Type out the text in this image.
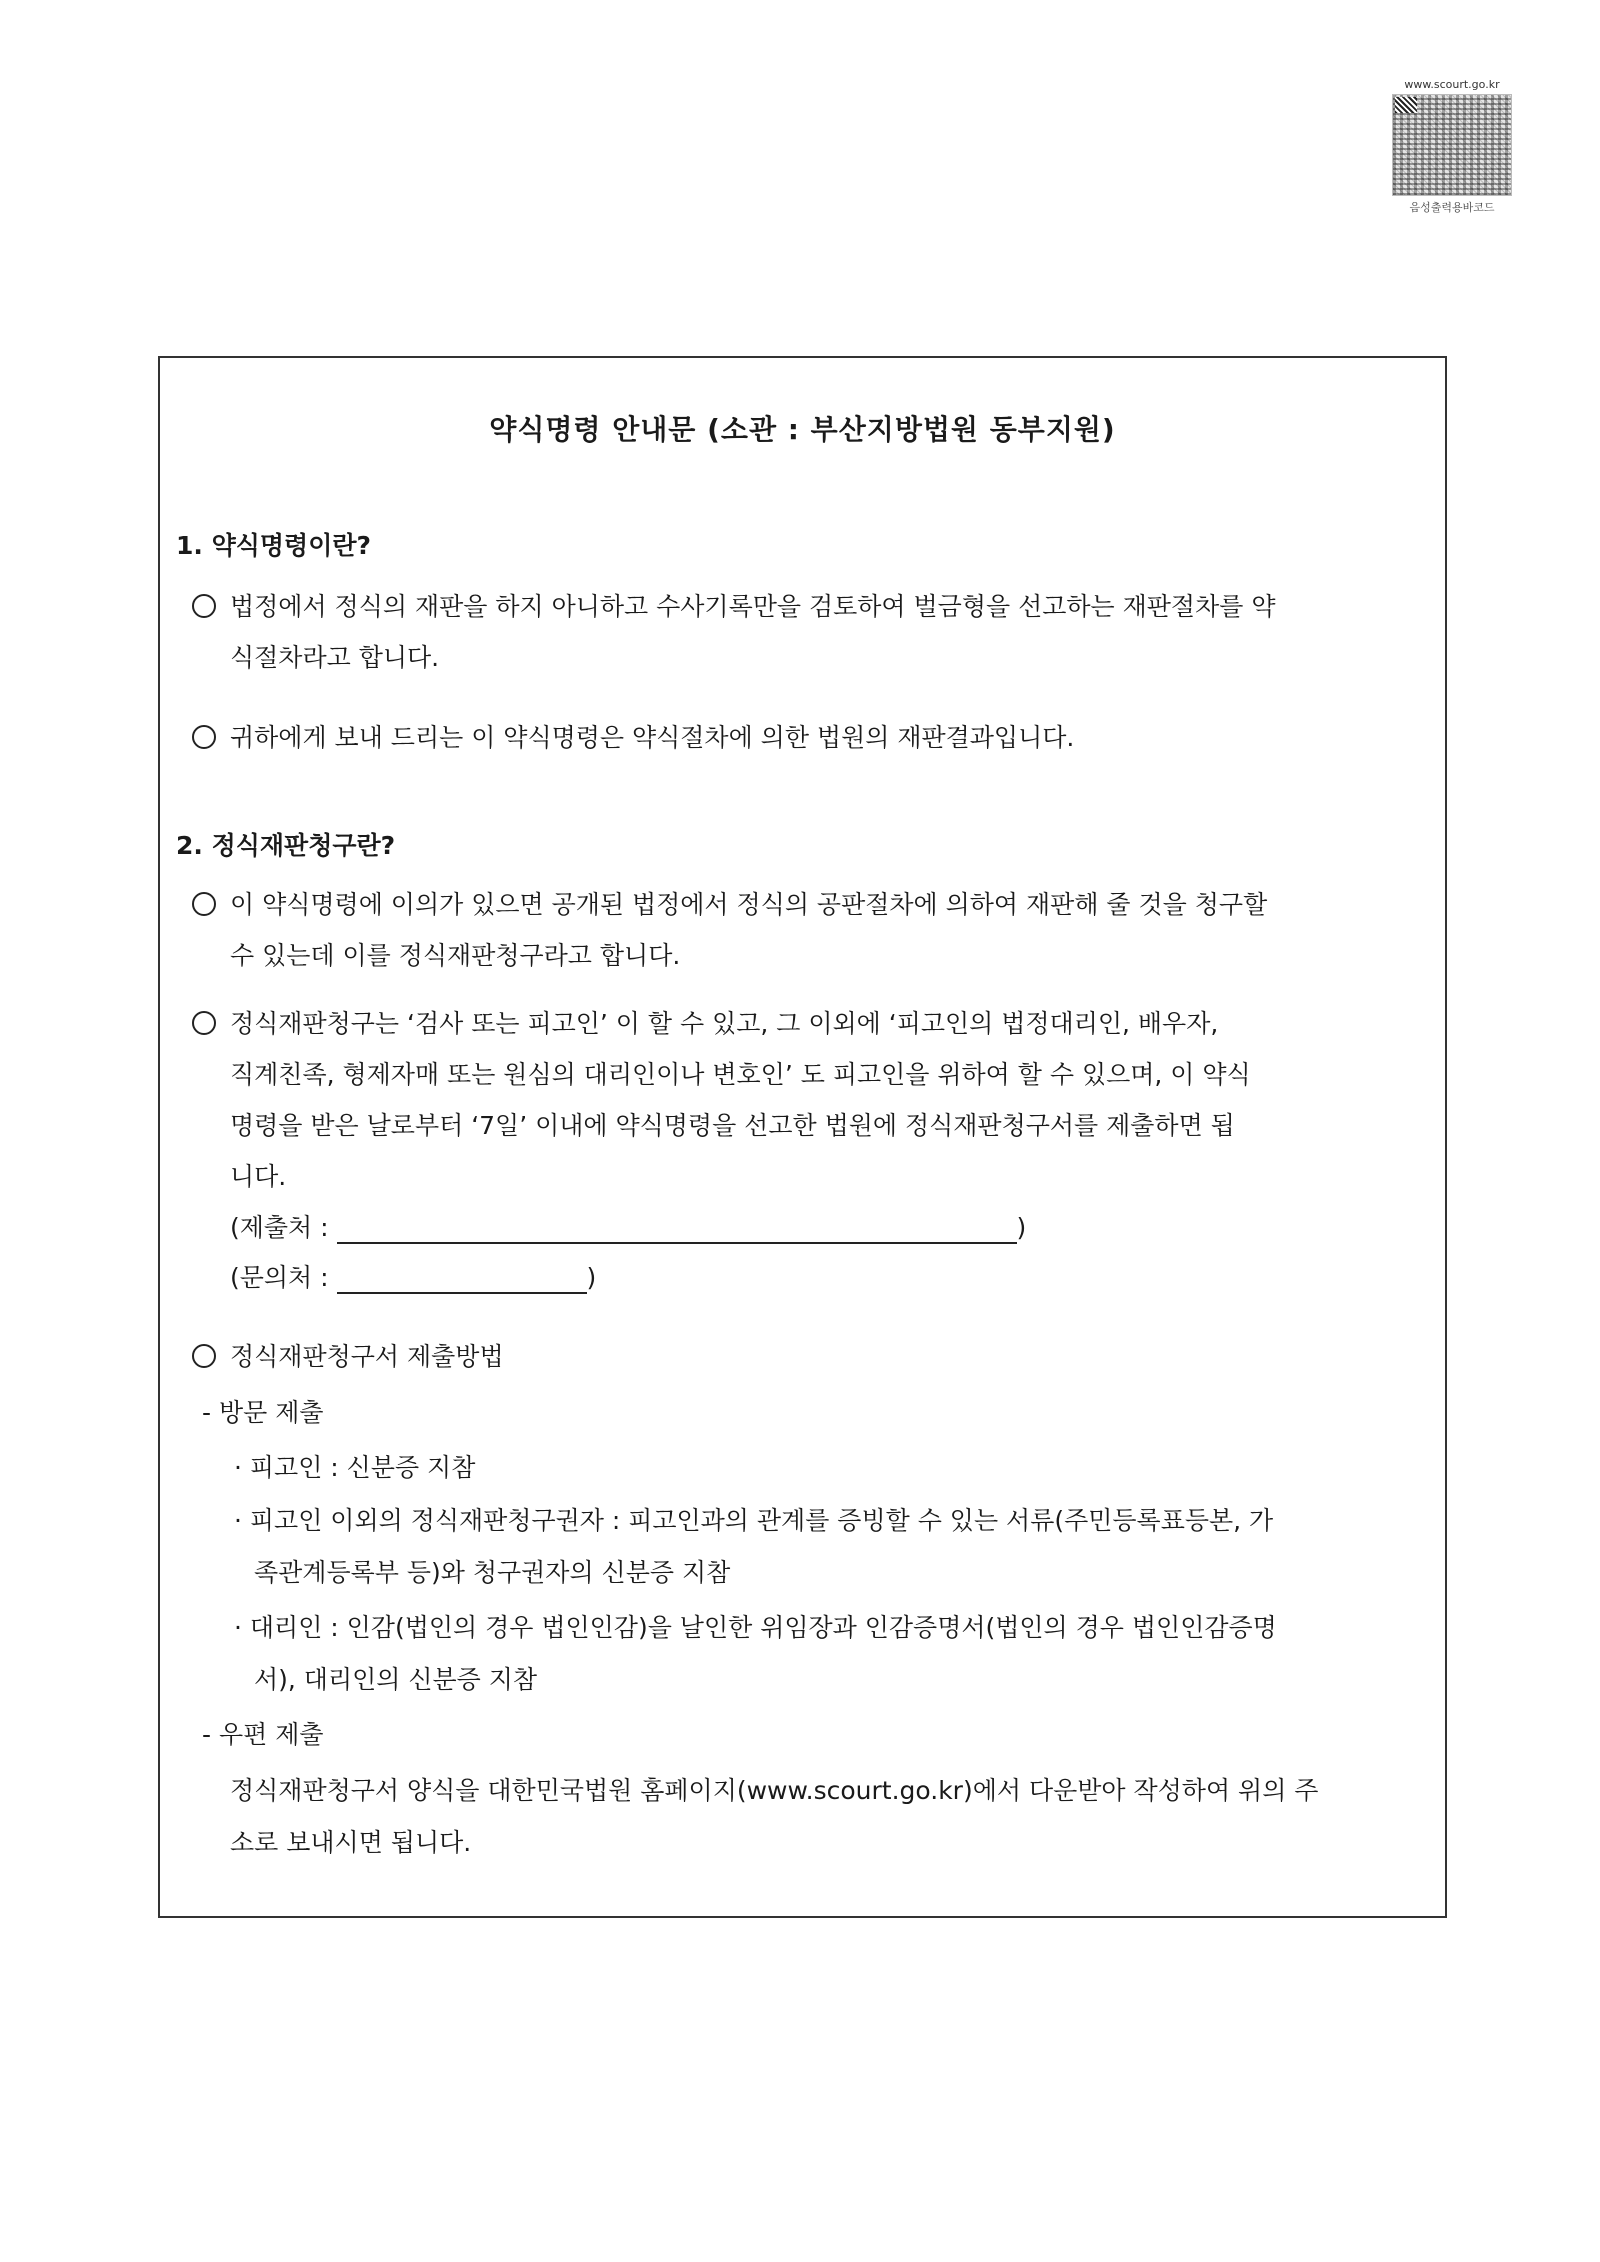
www.scourt.go.kr
음성출력용바코드
약식명령 안내문 (소관 : 부산지방법원 동부지원)
1. 약식명령이란?
법정에서 정식의 재판을 하지 아니하고 수사기록만을 검토하여 벌금형을 선고하는 재판절차를 약
식절차라고 합니다.
귀하에게 보내 드리는 이 약식명령은 약식절차에 의한 법원의 재판결과입니다.
2. 정식재판청구란?
이 약식명령에 이의가 있으면 공개된 법정에서 정식의 공판절차에 의하여 재판해 줄 것을 청구할
수 있는데 이를 정식재판청구라고 합니다.
정식재판청구는 ‘검사 또는 피고인’ 이 할 수 있고, 그 이외에 ‘피고인의 법정대리인, 배우자,
직계친족, 형제자매 또는 원심의 대리인이나 변호인’ 도 피고인을 위하여 할 수 있으며, 이 약식
명령을 받은 날로부터 ‘7일’ 이내에 약식명령을 선고한 법원에 정식재판청구서를 제출하면 됩
니다.
(제출처 :	)
(문의처 :	)
정식재판청구서 제출방법
- 방문 제출
· 피고인 : 신분증 지참
· 피고인 이외의 정식재판청구권자 : 피고인과의 관계를 증빙할 수 있는 서류(주민등록표등본, 가
족관계등록부 등)와 청구권자의 신분증 지참
· 대리인 : 인감(법인의 경우 법인인감)을 날인한 위임장과 인감증명서(법인의 경우 법인인감증명
서), 대리인의 신분증 지참
- 우편 제출
정식재판청구서 양식을 대한민국법원 홈페이지(www.scourt.go.kr)에서 다운받아 작성하여 위의 주
소로 보내시면 됩니다.
